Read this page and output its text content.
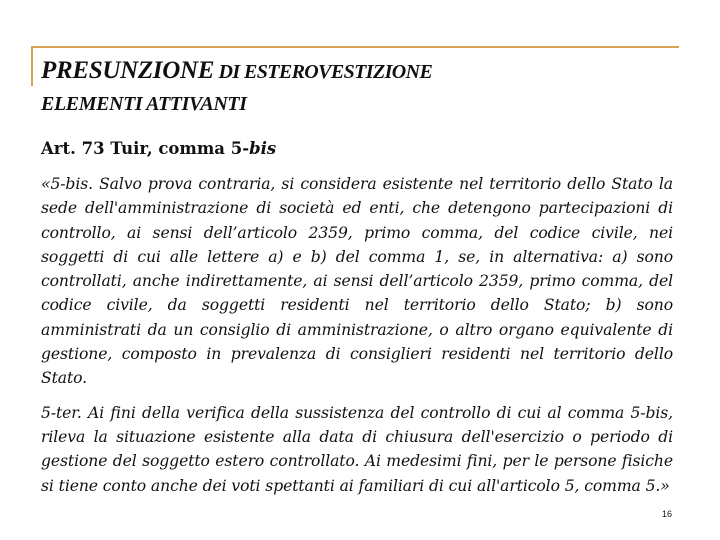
PRESUNZIONE DI ESTEROVESTIZIONE
ELEMENTI ATTIVANTI
Art. 73 Tuir, comma 5-bis

«5-bis. Salvo prova contraria, si considera esistente nel territorio dello Stato la sede dell'amministrazione di società ed enti, che detengono partecipazioni di controllo, ai sensi dell’articolo 2359, primo comma, del codice civile, nei soggetti di cui alle lettere a) e b) del comma 1, se, in alternativa: a) sono controllati, anche indirettamente, ai sensi dell’articolo 2359, primo comma, del codice civile, da soggetti residenti nel territorio dello Stato; b) sono amministrati da un consiglio di amministrazione, o altro organo equivalente di gestione, composto in prevalenza di consiglieri residenti nel territorio dello Stato.

5-ter. Ai fini della verifica della sussistenza del controllo di cui al comma 5-bis, rileva la situazione esistente alla data di chiusura dell'esercizio o periodo di gestione del soggetto estero controllato. Ai medesimi fini, per le persone fisiche si tiene conto anche dei voti spettanti ai familiari di cui all'articolo 5, comma 5.»

16
